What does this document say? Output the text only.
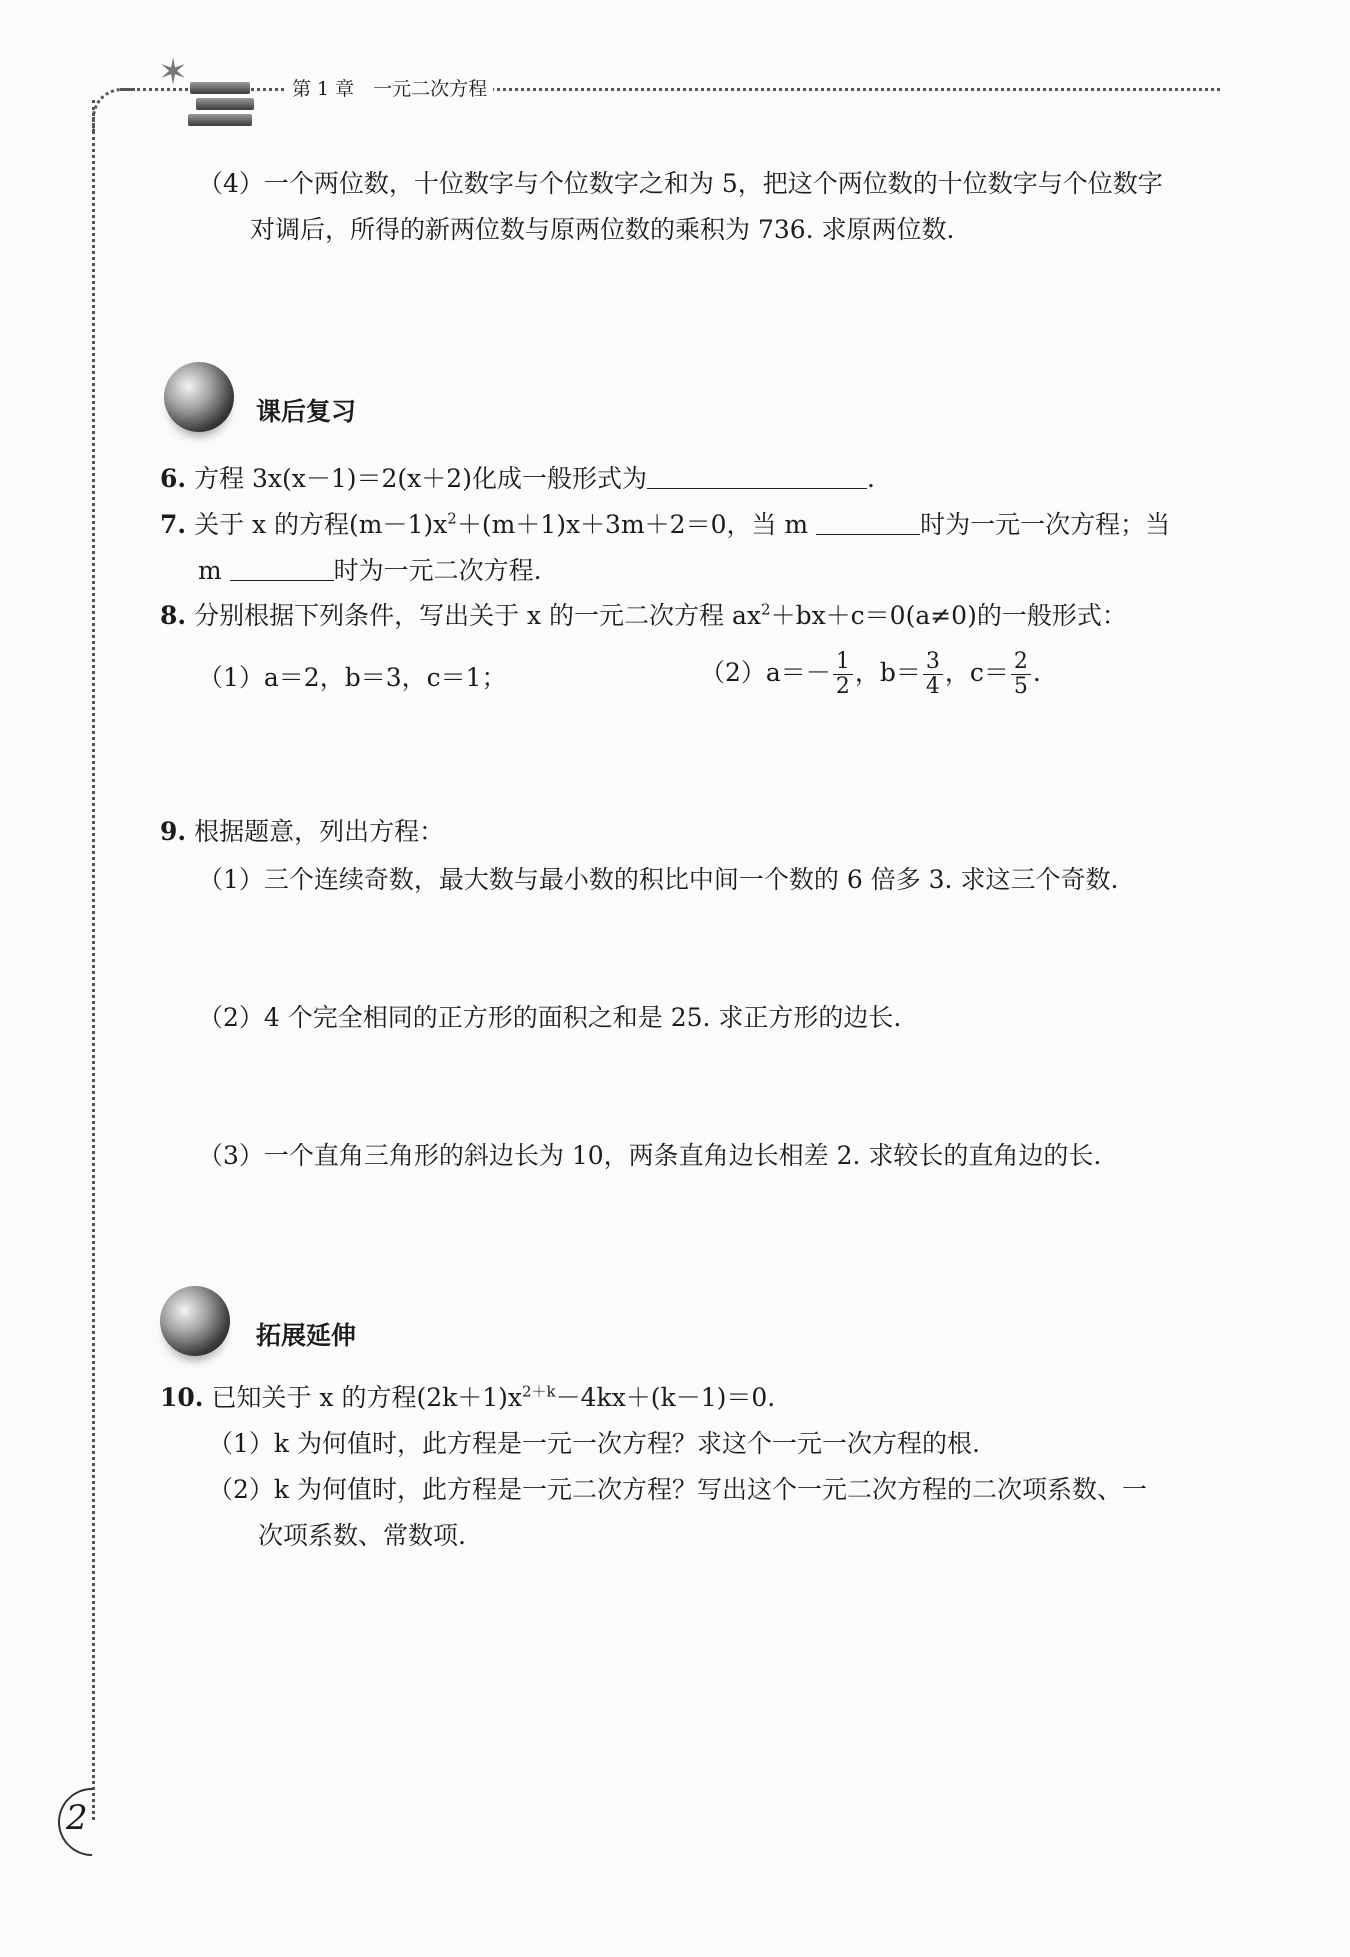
✶	第 1 章　一元二次方程
（4）一个两位数，十位数字与个位数字之和为 5，把这个两位数的十位数字与个位数字
对调后，所得的新两位数与原两位数的乘积为 736. 求原两位数.
课后复习
6. 方程 3x(x－1)＝2(x＋2)化成一般形式为	.
7. 关于 x 的方程$(m-1)x^2+(m+1)x+3m+2=0$，当 m	时为一元一次方程；当
m	时为一元二次方程.
8. 分别根据下列条件，写出关于 x 的一元二次方程 $ax^2+bx+c=0(a\ne 0)$的一般形式：
（1）a＝2，b＝3，c＝1；	$(2)a=- \frac{1}{2}$ ，$b= \frac{3}{4}$ ，$c= \frac{2}{5}$ .
9. 根据题意，列出方程：
（1）三个连续奇数，最大数与最小数的积比中间一个数的 6 倍多 3. 求这三个奇数.
（2）4 个完全相同的正方形的面积之和是 25. 求正方形的边长.
（3）一个直角三角形的斜边长为 10，两条直角边长相差 2. 求较长的直角边的长.
拓展延伸
10. 已知关于 x 的方程$(2k+1)x^{2+k}-4kx+(k-1)=0$.
（1）k 为何值时，此方程是一元一次方程？求这个一元一次方程的根.
（2）k 为何值时，此方程是一元二次方程？写出这个一元二次方程的二次项系数、一
次项系数、常数项.
2
